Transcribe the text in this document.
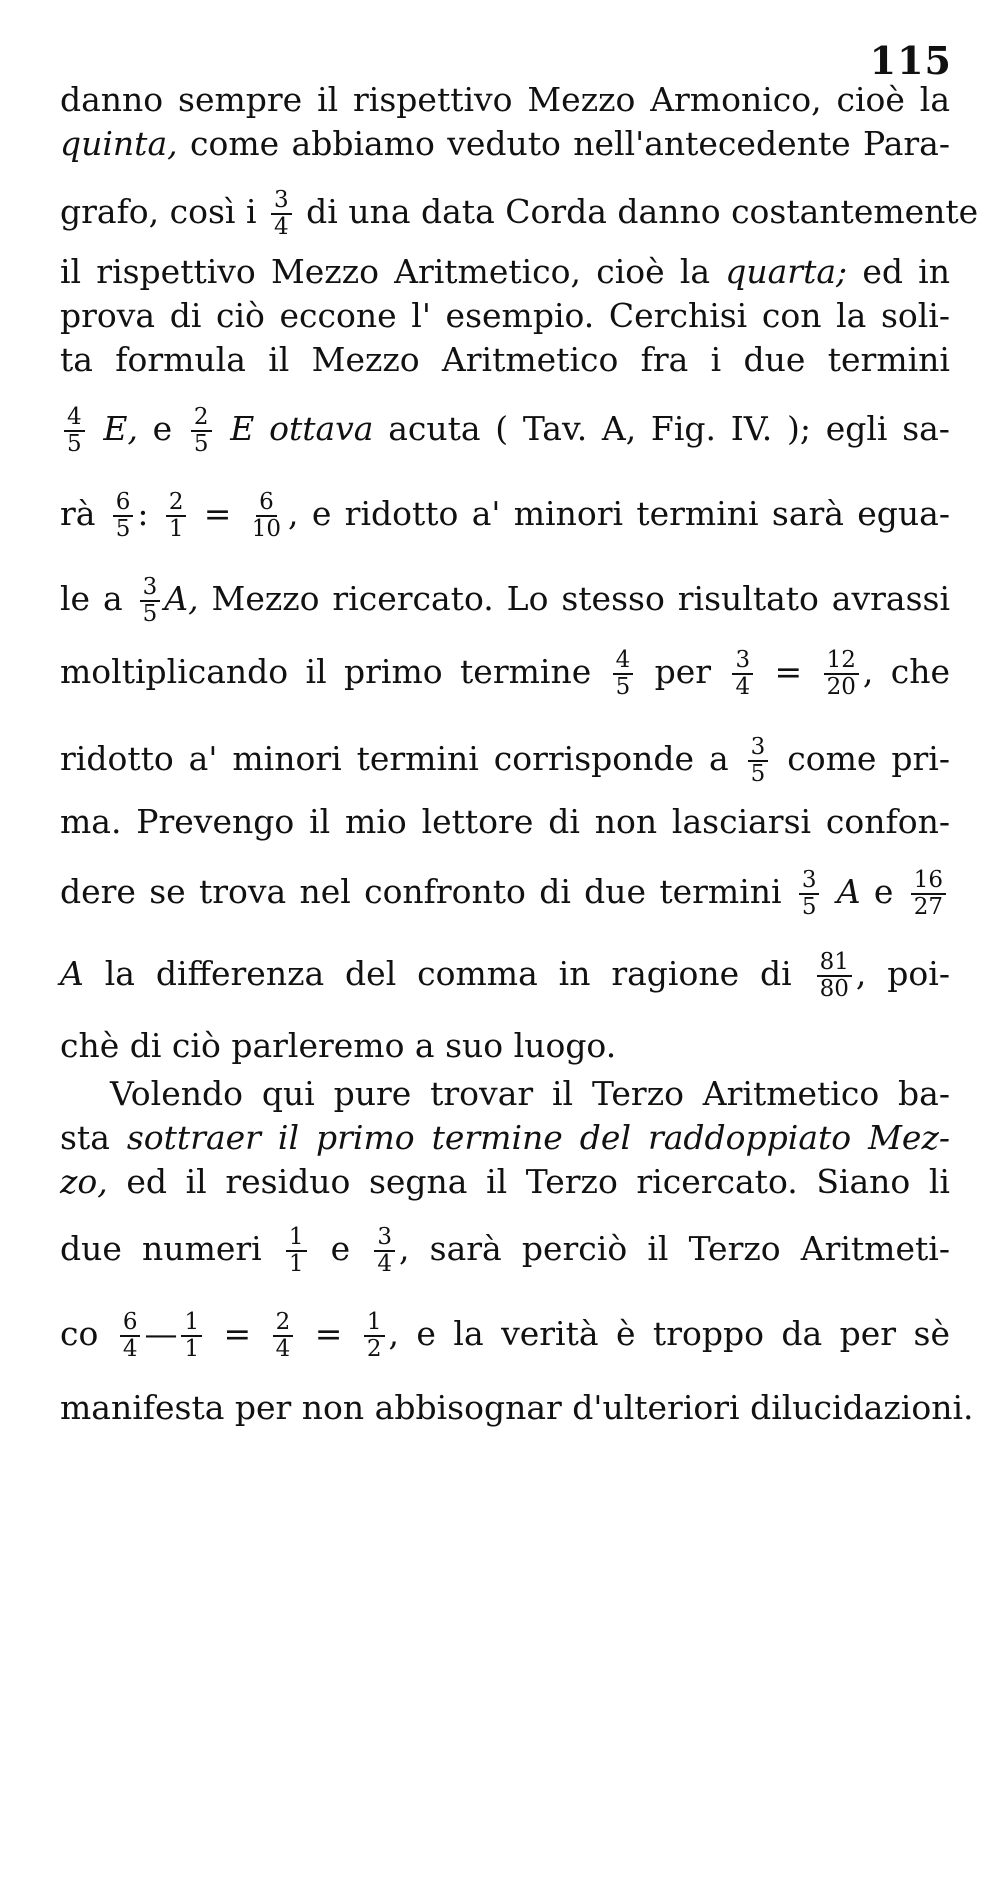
115
danno sempre il rispettivo Mezzo Armonico, cioè la
quinta, come abbiamo veduto nell'antecedente Para-
grafo, così i $\frac{3}{4}$ di una data Corda danno costantemente
il rispettivo Mezzo Aritmetico, cioè la quarta; ed in
prova di ciò eccone l' esempio. Cerchisi con la soli-
ta formula il Mezzo Aritmetico fra i due termini
$\frac{4}{5} E$, e $\frac{2}{5}$ E ottava acuta ( Tav. A, Fig. IV. ); egli sa-
rà $\frac{6}{5}$ : $\frac{2}{1} = \frac{6}{10}$ , e ridotto a' minori termini sarà egua-
le a $\frac{3}{5} A$, Mezzo ricercato. Lo stesso risultato avrassi
moltiplicando il primo termine $\frac{4}{5}$ per $\frac{3}{4} = \frac{12}{20}$ , che
ridotto a' minori termini corrisponde a $\frac{3}{5}$ come pri-
ma. Prevengo il mio lettore di non lasciarsi confon-
dere se trova nel confronto di due termini $\frac{3}{5}$ A e $\frac{16}{27}$
A la differenza del comma in ragione di $\frac{81}{80}$ , poi-
chè di ciò parleremo a suo luogo.
Volendo qui pure trovar il Terzo Aritmetico ba-
sta sottraer il primo termine del raddoppiato Mez-
zo, ed il residuo segna il Terzo ricercato. Siano li
due numeri $\frac{1}{1}$ e $\frac{3}{4}$ , sarà perciò il Terzo Aritmeti-
co $\frac{6}{4}$ — $\frac{1}{1} = \frac{2}{4} = \frac{1}{2}$ , e la verità è troppo da per sè
manifesta per non abbisognar d'ulteriori dilucidazioni.
